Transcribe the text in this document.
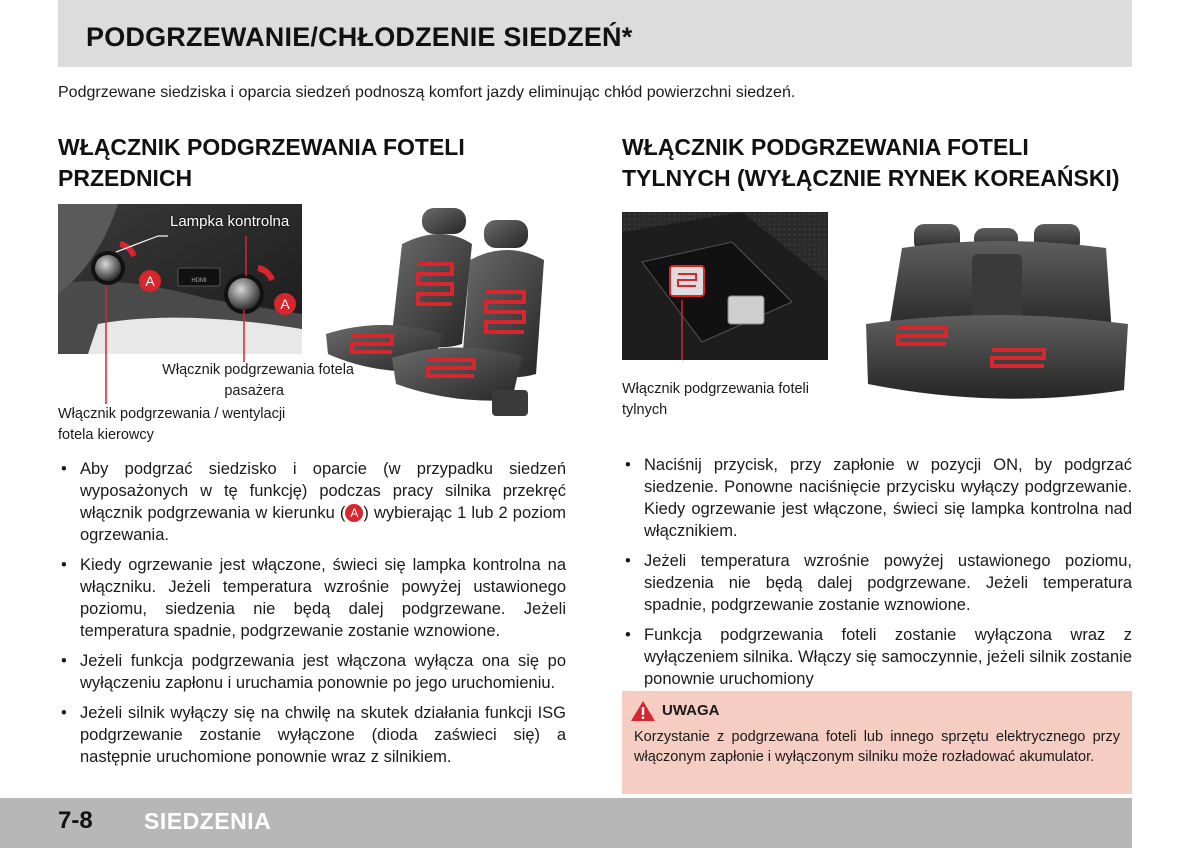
PODGRZEWANIE/CHŁODZENIE SIEDZEŃ*
Podgrzewane siedziska i oparcia siedzeń podnoszą komfort jazdy eliminując chłód powierzchni siedzeń.
WŁĄCZNIK PODGRZEWANIA FOTELI
PRZEDNICH
WŁĄCZNIK PODGRZEWANIA FOTELI
TYLNYCH (WYŁĄCZNIE RYNEK KOREAŃSKI)
HDMI
A
A
Lampka kontrolna
Włącznik podgrzewania fotela
pasażera
Włącznik podgrzewania / wentylacji
fotela kierowcy
Włącznik podgrzewania foteli
tylnych
• Aby podgrzać siedzisko i oparcie (w przypadku siedzeń wyposażonych w tę funkcję) podczas pracy silnika przekręć włącznik podgrzewania w kierunku ( A ) wybierając 1 lub 2 poziom ogrzewania.
• Kiedy ogrzewanie jest włączone, świeci się lampka kontrolna na włączniku. Jeżeli temperatura wzrośnie powyżej ustawionego poziomu, siedzenia nie będą dalej podgrzewane. Jeżeli temperatura spadnie, podgrzewanie zostanie wznowione.
• Jeżeli funkcja podgrzewania jest włączona wyłącza ona się po wyłączeniu zapłonu i uruchamia ponownie po jego uruchomieniu.
• Jeżeli silnik wyłączy się na chwilę na skutek działania funkcji ISG podgrzewanie zostanie wyłączone (dioda zaświeci się) a następnie uruchomione ponownie wraz z silnikiem.
• Naciśnij przycisk, przy zapłonie w pozycji ON, by podgrzać siedzenie. Ponowne naciśnięcie przycisku wyłączy podgrzewanie. Kiedy ogrzewanie jest włączone, świeci się lampka kontrolna nad włącznikiem.
• Jeżeli temperatura wzrośnie powyżej ustawionego poziomu, siedzenia nie będą dalej podgrzewane. Jeżeli temperatura spadnie, podgrzewanie zostanie wznowione.
• Funkcja podgrzewania foteli zostanie wyłączona wraz z wyłączeniem silnika. Włączy się samoczynnie, jeżeli silnik zostanie ponownie uruchomiony
UWAGA
Korzystanie z podgrzewana foteli lub innego sprzętu elektrycznego przy włączonym zapłonie i wyłączonym silniku może rozładować akumulator.
7-8 SIEDZENIA
